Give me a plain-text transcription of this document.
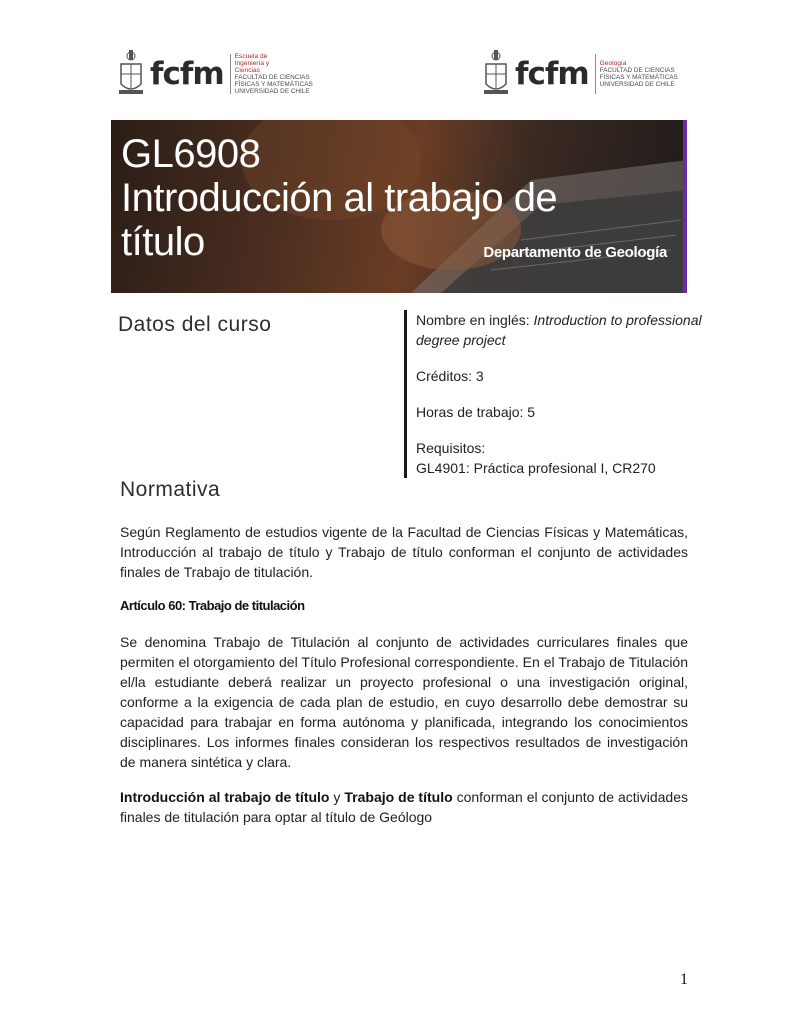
fcfm Escuela de Ingeniería y Ciencias
FACULTAD DE CIENCIAS
FÍSICAS Y MATEMÁTICAS
UNIVERSIDAD DE CHILE	fcfm Geología
FACULTAD DE CIENCIAS
FÍSICAS Y MATEMÁTICAS
UNIVERSIDAD DE CHILE
GL6908
Introducción al trabajo de
título	Departamento de Geología
Datos del curso	Nombre en inglés: Introduction to professional degree project

Créditos: 3

Horas de trabajo: 5

Requisitos:

GL4901: Práctica profesional I, CR270

Normativa

Según Reglamento de estudios vigente de la Facultad de Ciencias Físicas y Matemáticas, Introducción al trabajo de título y Trabajo de título conforman el conjunto de actividades finales de Trabajo de titulación.

Artículo 60: Trabajo de titulación

Se denomina Trabajo de Titulación al conjunto de actividades curriculares finales que permiten el otorgamiento del Título Profesional correspondiente. En el Trabajo de Titulación el/la estudiante deberá realizar un proyecto profesional o una investigación original, conforme a la exigencia de cada plan de estudio, en cuyo desarrollo debe demostrar su capacidad para trabajar en forma autónoma y planificada, integrando los conocimientos disciplinares. Los informes finales consideran los respectivos resultados de investigación de manera sintética y clara.

Introducción al trabajo de título y Trabajo de título conforman el conjunto de actividades finales de titulación para optar al título de Geólogo

1
